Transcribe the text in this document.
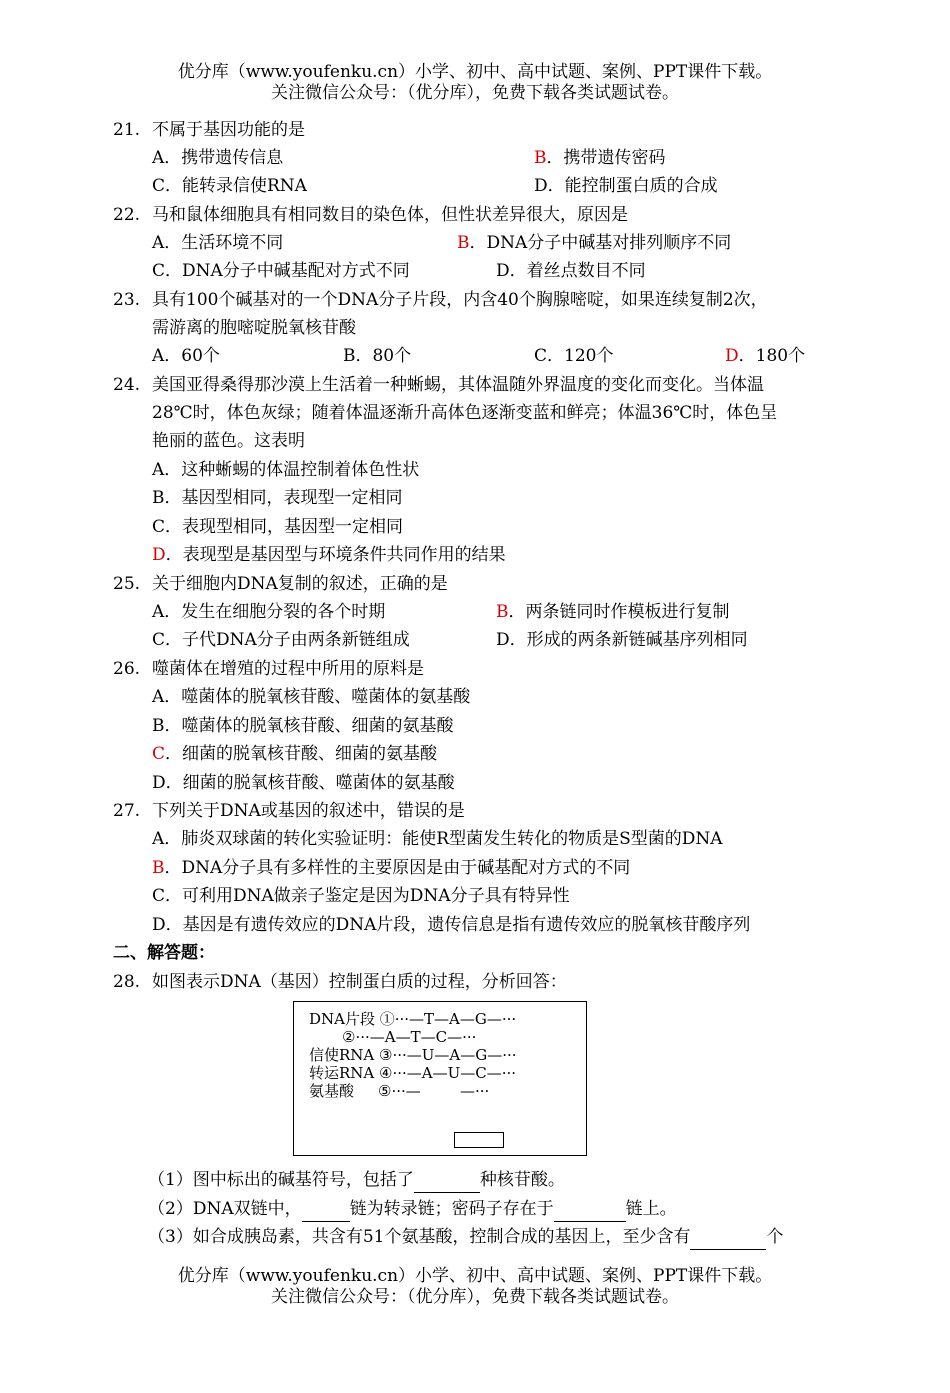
优分库（www.youfenku.cn）小学、初中、高中试题、案例、PPT课件下载。
关注微信公众号：（优分库），免费下载各类试题试卷。
21. 不属于基因功能的是
A．携带遗传信息	B．携带遗传密码
C．能转录信使RNA	D．能控制蛋白质的合成
22. 马和鼠体细胞具有相同数目的染色体，但性状差异很大，原因是
A．生活环境不同	B．DNA分子中碱基对排列顺序不同
C．DNA分子中碱基配对方式不同	D．着丝点数目不同
23. 具有100个碱基对的一个DNA分子片段，内含40个胸腺嘧啶，如果连续复制2次，
需游离的胞嘧啶脱氧核苷酸
A．60个	B．80个	C．120个	D．180个
24. 美国亚得桑得那沙漠上生活着一种蜥蜴，其体温随外界温度的变化而变化。当体温
28℃时，体色灰绿；随着体温逐渐升高体色逐渐变蓝和鲜亮；体温36℃时，体色呈
艳丽的蓝色。这表明
A．这种蜥蜴的体温控制着体色性状
B．基因型相同，表现型一定相同
C．表现型相同，基因型一定相同
D．表现型是基因型与环境条件共同作用的结果
25. 关于细胞内DNA复制的叙述，正确的是
A．发生在细胞分裂的各个时期	B．两条链同时作模板进行复制
C．子代DNA分子由两条新链组成	D．形成的两条新链碱基序列相同
26. 噬菌体在增殖的过程中所用的原料是
A．噬菌体的脱氧核苷酸、噬菌体的氨基酸
B．噬菌体的脱氧核苷酸、细菌的氨基酸
C．细菌的脱氧核苷酸、细菌的氨基酸
D．细菌的脱氧核苷酸、噬菌体的氨基酸
27. 下列关于DNA或基因的叙述中，错误的是
A．肺炎双球菌的转化实验证明：能使R型菌发生转化的物质是S型菌的DNA
B．DNA分子具有多样性的主要原因是由于碱基配对方式的不同
C．可利用DNA做亲子鉴定是因为DNA分子具有特异性
D．基因是有遗传效应的DNA片段，遗传信息是指有遗传效应的脱氧核苷酸序列
二、解答题：
28. 如图表示DNA（基因）控制蛋白质的过程，分析回答：
DNA片段 ①···—T—A—G—···
②···—A—T—C—···
信使RNA ③···—U—A—G—···
转运RNA ④···—A—U—C—···
氨基酸 ⑤···—	—···
（1）图中标出的碱基符号，包括了	种核苷酸。
（2）DNA双链中，	链为转录链；密码子存在于	链上。
（3）如合成胰岛素，共含有51个氨基酸，控制合成的基因上，至少含有	个
优分库（www.youfenku.cn）小学、初中、高中试题、案例、PPT课件下载。
关注微信公众号：（优分库），免费下载各类试题试卷。
